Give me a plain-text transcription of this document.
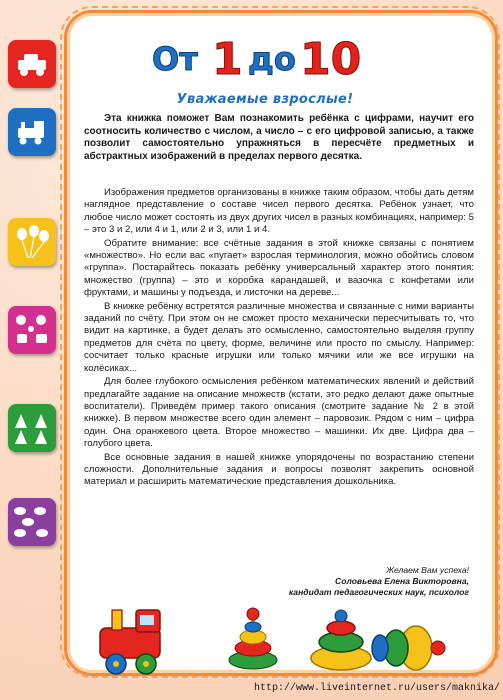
От 1 до 10
Уважаемые взрослые!

Эта книжка поможет Вам познакомить ребёнка с цифрами, научит его соотносить количество с числом, а число – с его цифровой записью, а также позволит самостоятельно упражняться в пересчёте предметных и абстрактных изображений в пределах первого десятка.

Изображения предметов организованы в книжке таким образом, чтобы дать детям наглядное представление о составе чисел первого десятка. Ребёнок узнает, что любое число может состоять из двух других чисел в разных комбинациях, например: 5 – это 3 и 2, или 4 и 1, или 2 и 3, или 1 и 4.

Обратите внимание: все счётные задания в этой книжке связаны с понятием «множество». Но если вас «пугает» взрослая терминология, можно обойтись словом «группа». Постарайтесь показать ребёнку универсальный характер этого понятия: множество (группа) – это и коробка карандашей, и вазочка с конфетами или фруктами, и машины у подъезда, и листочки на дереве...

В книжке ребёнку встретятся различные множества и связанные с ними варианты заданий по счёту. При этом он не сможет просто механически пересчитывать то, что видит на картинке, а будет делать это осмысленно, самостоятельно выделяя группу предметов для счёта по цвету, форме, величине или просто по смыслу. Например: сосчитает только красные игрушки или только мячики или же все игрушки на колёсиках...

Для более глубокого осмысления ребёнком математических явлений и действий предлагайте задание на описание множеств (кстати, это редко делают даже опытные воспитатели). Приведём пример такого описания (смотрите задание № 2 в этой книжке). В первом множестве всего один элемент – паровозик. Рядом с ним – цифра один. Она оранжевого цвета. Второе множество – машинки. Их две. Цифра два – голубого цвета.

Все основные задания в нашей книжке упорядочены по возрастанию степени сложности. Дополнительные задания и вопросы позволят закрепить основной материал и расширить математические представления дошкольника.

Желаем Вам успеха!
Соловьева Елена Викторовна,
кандидат педагогических наук, психолог
http://www.liveinternet.ru/users/maknika/
